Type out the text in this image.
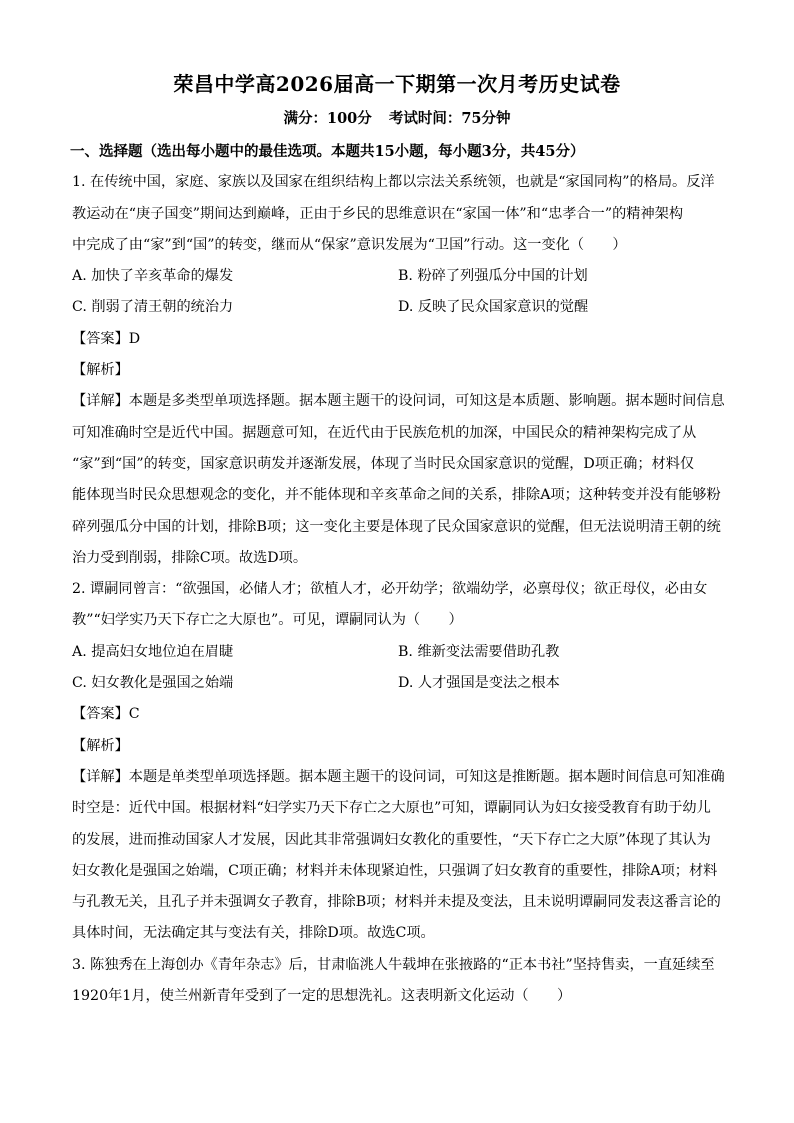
荣昌中学高2026届高一下期第一次月考历史试卷
满分：100分 考试时间：75分钟
一、选择题（选出每小题中的最佳选项。本题共15小题，每小题3分，共45分）
1. 在传统中国，家庭、家族以及国家在组织结构上都以宗法关系统领，也就是“家国同构”的格局。反洋
教运动在“庚子国变”期间达到巅峰，正由于乡民的思维意识在“家国一体”和“忠孝合一”的精神架构
中完成了由“家”到“国”的转变，继而从“保家”意识发展为“卫国”行动。这一变化（　　）
A. 加快了辛亥革命的爆发	B. 粉碎了列强瓜分中国的计划
C. 削弱了清王朝的统治力	D. 反映了民众国家意识的觉醒
【答案】D
【解析】
【详解】本题是多类型单项选择题。据本题主题干的设问词，可知这是本质题、影响题。据本题时间信息
可知准确时空是近代中国。据题意可知，在近代由于民族危机的加深，中国民众的精神架构完成了从
“家”到“国”的转变，国家意识萌发并逐渐发展，体现了当时民众国家意识的觉醒，D项正确；材料仅
能体现当时民众思想观念的变化，并不能体现和辛亥革命之间的关系，排除A项；这种转变并没有能够粉
碎列强瓜分中国的计划，排除B项；这一变化主要是体现了民众国家意识的觉醒，但无法说明清王朝的统
治力受到削弱，排除C项。故选D项。
2. 谭嗣同曾言：“欲强国，必储人才；欲植人才，必开幼学；欲端幼学，必禀母仪；欲正母仪，必由女
教”“妇学实乃天下存亡之大原也”。可见，谭嗣同认为（　　）
A. 提高妇女地位迫在眉睫	B. 维新变法需要借助孔教
C. 妇女教化是强国之始端	D. 人才强国是变法之根本
【答案】C
【解析】
【详解】本题是单类型单项选择题。据本题主题干的设问词，可知这是推断题。据本题时间信息可知准确
时空是：近代中国。根据材料“妇学实乃天下存亡之大原也”可知，谭嗣同认为妇女接受教育有助于幼儿
的发展，进而推动国家人才发展，因此其非常强调妇女教化的重要性，“天下存亡之大原”体现了其认为
妇女教化是强国之始端，C项正确；材料并未体现紧迫性，只强调了妇女教育的重要性，排除A项；材料
与孔教无关，且孔子并未强调女子教育，排除B项；材料并未提及变法，且未说明谭嗣同发表这番言论的
具体时间，无法确定其与变法有关，排除D项。故选C项。
3. 陈独秀在上海创办《青年杂志》后，甘肃临洮人牛载坤在张掖路的“正本书社”坚持售卖，一直延续至
1920年1月，使兰州新青年受到了一定的思想洗礼。这表明新文化运动（　　）
